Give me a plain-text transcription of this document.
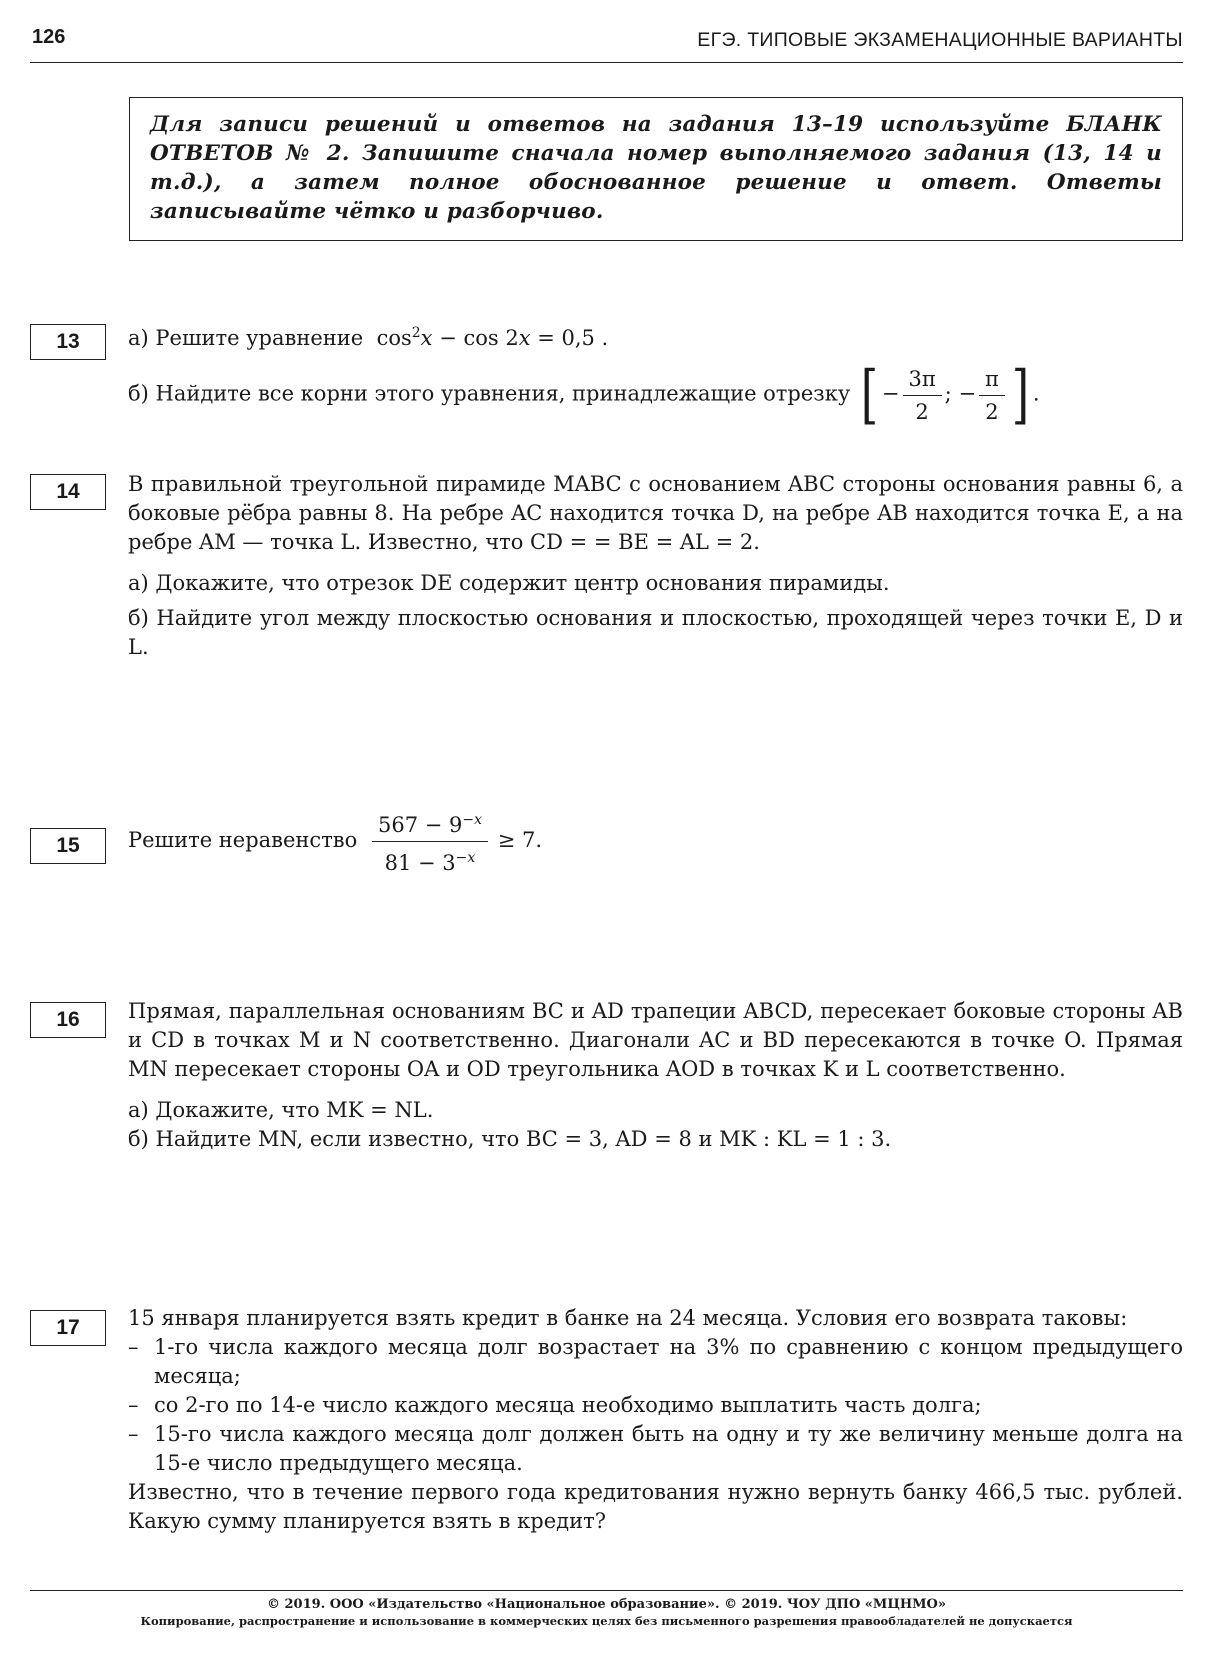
126	ЕГЭ. ТИПОВЫЕ ЭКЗАМЕНАЦИОННЫЕ ВАРИАНТЫ
Для записи решений и ответов на задания 13–19 используйте БЛАНК ОТВЕТОВ № 2. Запишите сначала номер выполняемого задания (13, 14 и т.д.), а затем полное обоснованное решение и ответ. Ответы записывайте чётко и разборчиво.
13	а) Решите уравнение $\cos^2x - \cos 2x = 0,5$ .

б) Найдите все корни этого уравнения, принадлежащие отрезку [ − $\frac{3\pi}{2}$ ; − $\frac{\pi}{2}$ ] .

14	В правильной треугольной пирамиде MABC с основанием ABC стороны основания равны 6, а боковые рёбра равны 8. На ребре AC находится точка D, на ребре AB находится точка E, а на ребре AM — точка L. Известно, что CD = = BE = AL = 2.

а) Докажите, что отрезок DE содержит центр основания пирамиды.

б) Найдите угол между плоскостью основания и плоскостью, проходящей через точки E, D и L.

15	Решите неравенство $\frac{567 - 9^{-x}}{81 - 3^{-x}} \ge 7$.

16	Прямая, параллельная основаниям BC и AD трапеции ABCD, пересекает боковые стороны AB и CD в точках M и N соответственно. Диагонали AC и BD пересекаются в точке O. Прямая MN пересекает стороны OA и OD треугольника AOD в точках K и L соответственно.

а) Докажите, что MK = NL.

б) Найдите MN, если известно, что BC = 3, AD = 8 и MK : KL = 1 : 3.

17	15 января планируется взять кредит в банке на 24 месяца. Условия его возврата таковы:

– 1-го числа каждого месяца долг возрастает на 3% по сравнению с концом предыдущего месяца;

– со 2-го по 14-е число каждого месяца необходимо выплатить часть долга;

– 15-го числа каждого месяца долг должен быть на одну и ту же величину меньше долга на 15-е число предыдущего месяца.

Известно, что в течение первого года кредитования нужно вернуть банку 466,5 тыс. рублей. Какую сумму планируется взять в кредит?

© 2019. ООО «Издательство «Национальное образование». © 2019. ЧОУ ДПО «МЦНМО»
Копирование, распространение и использование в коммерческих целях без письменного разрешения правообладателей не допускается
